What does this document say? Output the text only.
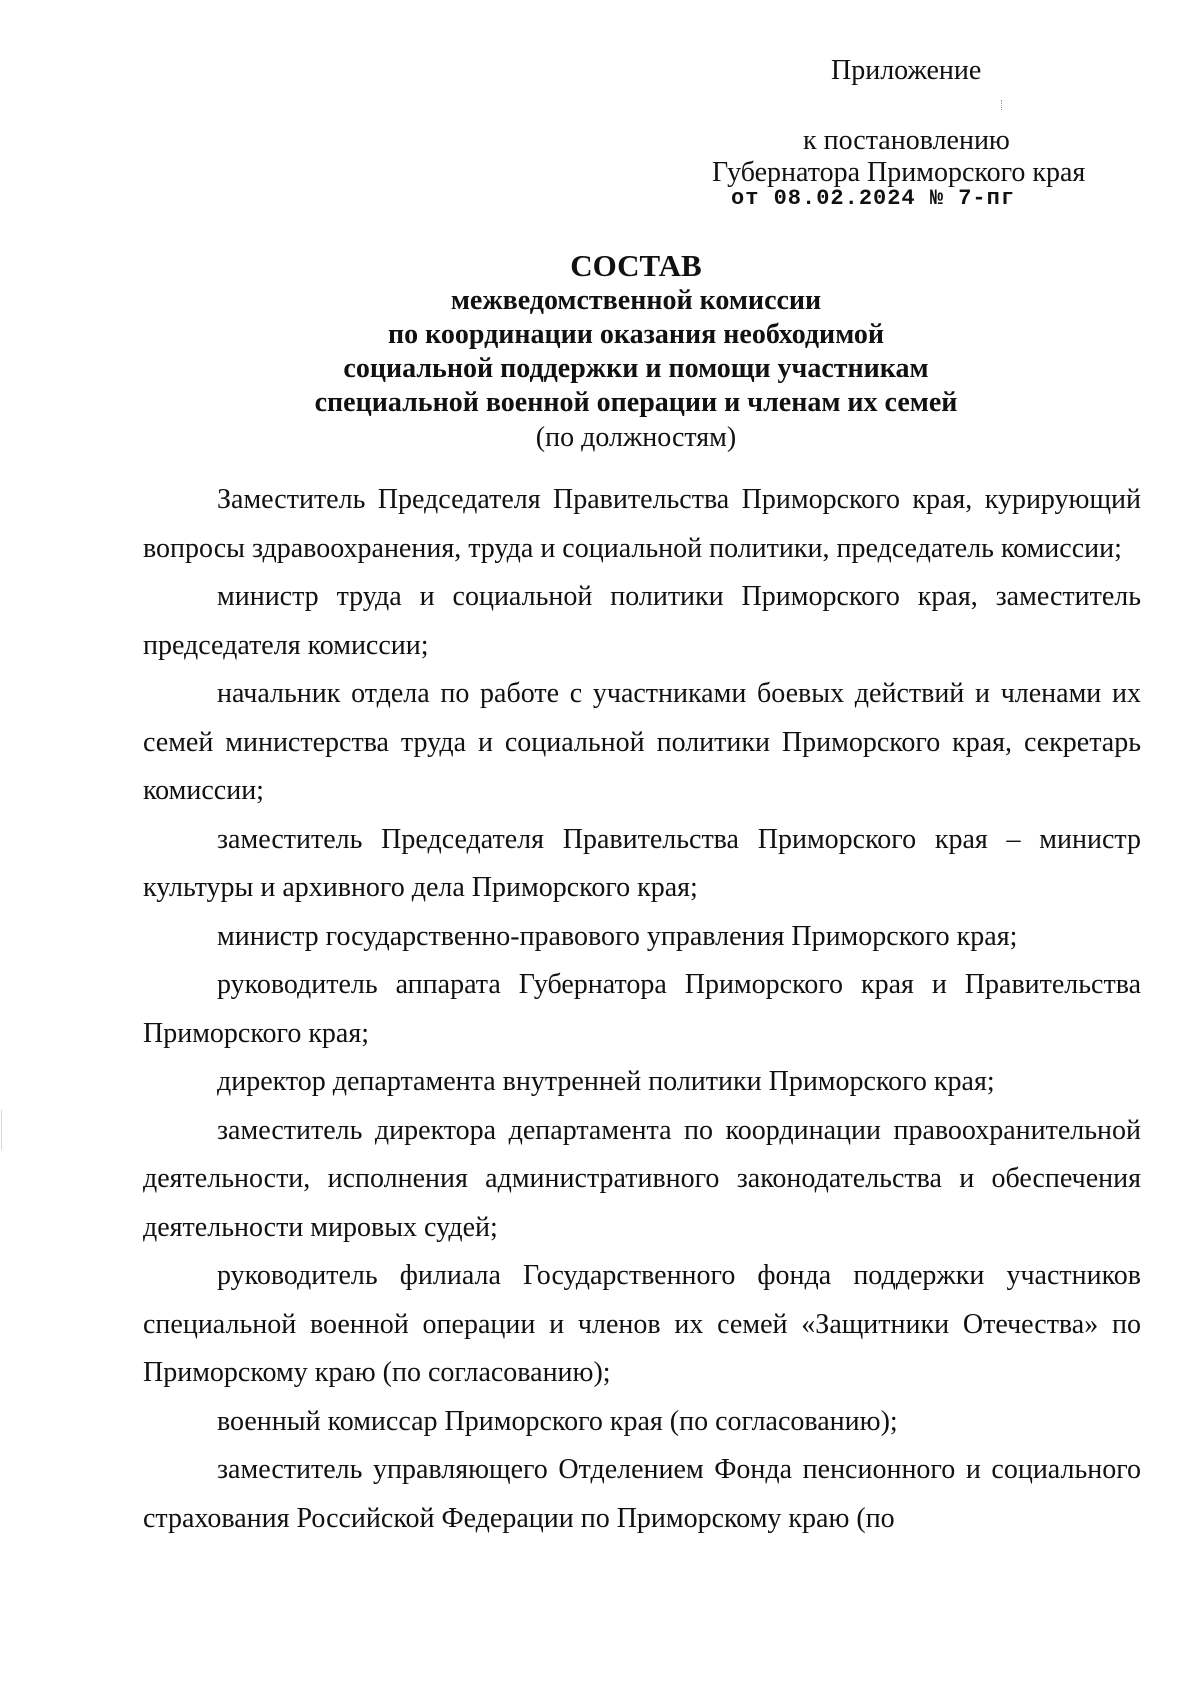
Приложение
к постановлению
Губернатора Приморского края
от 08.02.2024 № 7-пг

СОСТАВ

межведомственной комиссии

по координации оказания необходимой

социальной поддержки и помощи участникам

специальной военной операции и членам их семей

(по должностям)

Заместитель Председателя Правительства Приморского края, курирующий вопросы здравоохранения, труда и социальной политики, председатель комиссии;

министр труда и социальной политики Приморского края, заместитель председателя комиссии;

начальник отдела по работе с участниками боевых действий и членами их семей министерства труда и социальной политики Приморского края, секретарь комиссии;

заместитель Председателя Правительства Приморского края – министр культуры и архивного дела Приморского края;

министр государственно-правового управления Приморского края;

руководитель аппарата Губернатора Приморского края и Правительства Приморского края;

директор департамента внутренней политики Приморского края;

заместитель директора департамента по координации правоохранительной деятельности, исполнения административного законодательства и обеспечения деятельности мировых судей;

руководитель филиала Государственного фонда поддержки участников специальной военной операции и членов их семей «Защитники Отечества» по Приморскому краю (по согласованию);

военный комиссар Приморского края (по согласованию);

заместитель управляющего Отделением Фонда пенсионного и социального страхования Российской Федерации по Приморскому краю (по
